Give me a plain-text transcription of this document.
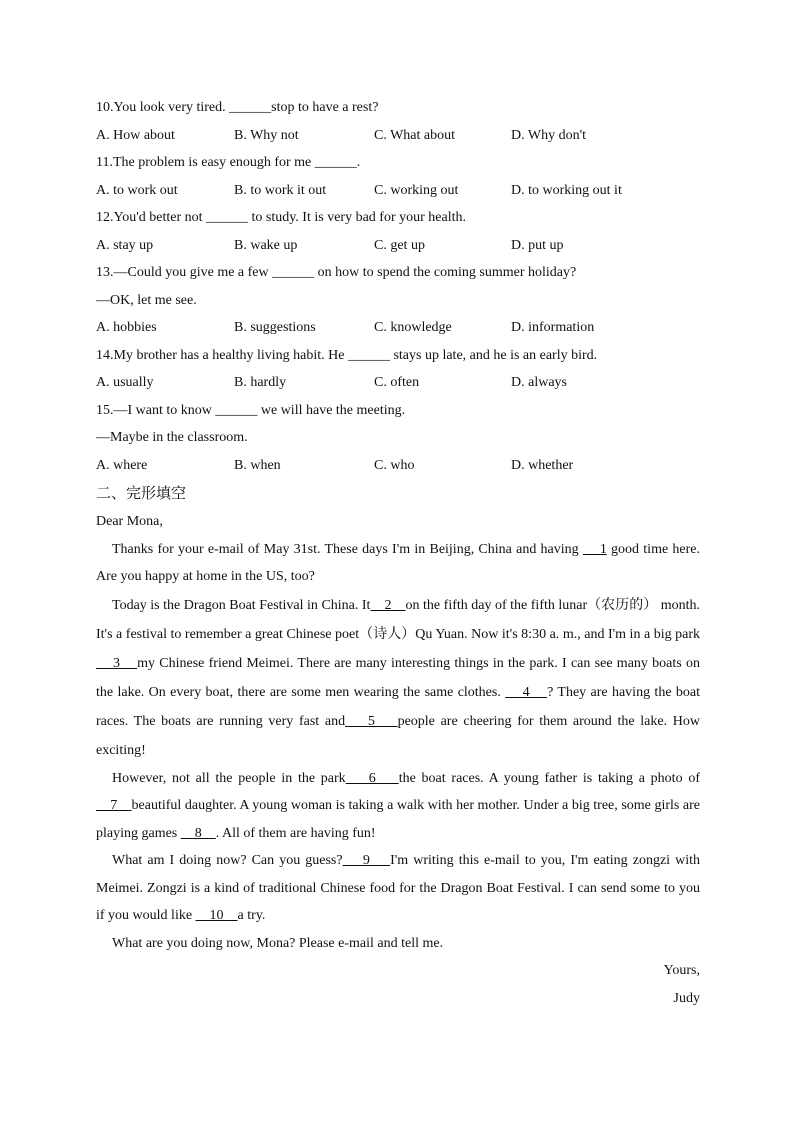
10.You look very tired. ______stop to have a rest?
A. How about	B. Why not	C. What about	D. Why don't
11.The problem is easy enough for me ______.
A. to work out	B. to work it out	C. working out	D. to working out it
12.You'd better not ______ to study. It is very bad for your health.
A. stay up	B. wake up	C. get up	D. put up
13.—Could you give me a few ______ on how to spend the coming summer holiday?
—OK, let me see.
A. hobbies	B. suggestions	C. knowledge	D. information
14.My brother has a healthy living habit. He ______ stays up late, and he is an early bird.
A. usually	B. hardly	C. often	D. always
15.—I want to know ______ we will have the meeting.
—Maybe in the classroom.
A. where	B. when	C. who	D. whether
二、完形填空
Dear Mona,
Thanks for your e-mail of May 31st. These days I'm in Beijing, China and having     1 good time here. Are you happy at home in the US, too?
Today is the Dragon Boat Festival in China. It    2    on the fifth day of the fifth lunar（农历的） month. It's a festival to remember a great Chinese poet（诗人）Qu Yuan. Now it's 8:30 a. m., and I'm in a big park    3    my Chinese friend Meimei. There are many interesting things in the park. I can see many boats on the lake. On every boat, there are some men wearing the same clothes.     4    ? They are having the boat races. The boats are running very fast and    5    people are cheering for them around the lake. How exciting!
However, not all the people in the park    6    the boat races. A young father is taking a photo of    7    beautiful daughter. A young woman is taking a walk with her mother. Under a big tree, some girls are playing games     8    . All of them are having fun!
What am I doing now? Can you guess?    9    I'm writing this e-mail to you, I'm eating zongzi with Meimei. Zongzi is a kind of traditional Chinese food for the Dragon Boat Festival. I can send some to you if you would like     10    a try.
What are you doing now, Mona? Please e-mail and tell me.
Yours,
Judy
